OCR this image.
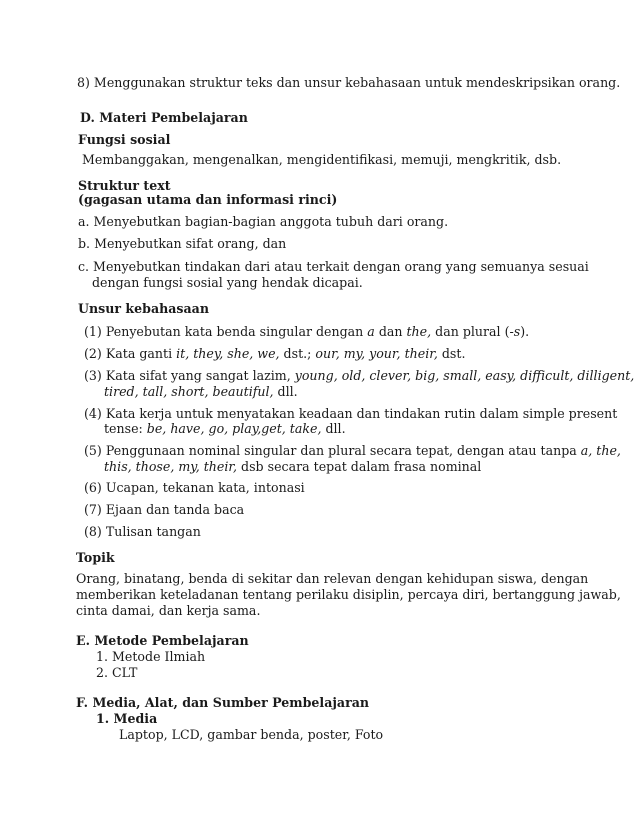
8) Menggunakan struktur teks dan unsur kebahasaan untuk mendeskripsikan orang.
D. Materi Pembelajaran
Fungsi sosial
Membanggakan, mengenalkan, mengidentifikasi, memuji, mengkritik, dsb.
Struktur text
(gagasan utama dan informasi rinci)
a. Menyebutkan bagian-bagian anggota tubuh dari orang.
b. Menyebutkan sifat orang, dan
c. Menyebutkan tindakan dari atau terkait dengan orang yang semuanya sesuai
dengan fungsi sosial yang hendak dicapai.
Unsur kebahasaan
(1) Penyebutan kata benda singular dengan a dan the, dan plural (-s).
(2) Kata ganti it, they, she, we, dst.; our, my, your, their, dst.
(3) Kata sifat yang sangat lazim, young, old, clever, big, small, easy, difficult, dilligent,
tired, tall, short, beautiful, dll.
(4) Kata kerja untuk menyatakan keadaan dan tindakan rutin dalam simple present
tense: be, have, go, play,get, take, dll.
(5) Penggunaan nominal singular dan plural secara tepat, dengan atau tanpa a, the,
this, those, my, their, dsb secara tepat dalam frasa nominal
(6) Ucapan, tekanan kata, intonasi
(7) Ejaan dan tanda baca
(8) Tulisan tangan
Topik
Orang, binatang, benda di sekitar dan relevan dengan kehidupan siswa, dengan
memberikan keteladanan tentang perilaku disiplin, percaya diri, bertanggung jawab,
cinta damai, dan kerja sama.
E. Metode Pembelajaran
1. Metode Ilmiah
2. CLT
F. Media, Alat, dan Sumber Pembelajaran
1. Media
Laptop, LCD, gambar benda, poster, Foto
